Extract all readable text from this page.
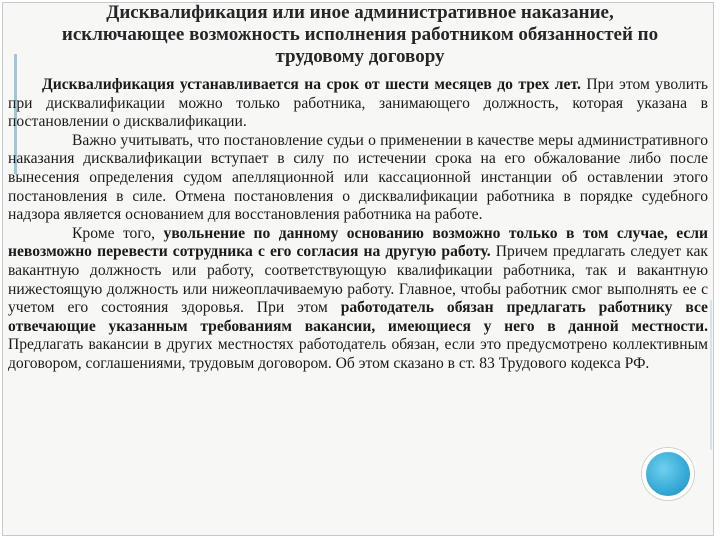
Дисквалификация или иное административное наказание,
исключающее возможность исполнения работником обязанностей по
трудовому договору

Дисквалификация устанавливается на срок от шести месяцев до трех лет. При этом уволить при дисквалификации можно только работника, занимающего должность, которая указана в постановлении о дисквалификации.

Важно учитывать, что постановление судьи о применении в качестве меры административного наказания дисквалификации вступает в силу по истечении срока на его обжалование либо после вынесения определения судом апелляционной или кассационной инстанции об оставлении этого постановления в силе. Отмена постановления о дисквалификации работника в порядке судебного надзора является основанием для восстановления работника на работе.

Кроме того, увольнение по данному основанию возможно только в том случае, если невозможно перевести сотрудника с его согласия на другую работу. Причем предлагать следует как вакантную должность или работу, соответствующую квалификации работника, так и вакантную нижестоящую должность или нижеоплачиваемую работу. Главное, чтобы работник смог выполнять ее с учетом его состояния здоровья. При этом работодатель обязан предлагать работнику все отвечающие указанным требованиям вакансии, имеющиеся у него в данной местности. Предлагать вакансии в других местностях работодатель обязан, если это предусмотрено коллективным договором, соглашениями, трудовым договором. Об этом сказано в ст. 83 Трудового кодекса РФ.
